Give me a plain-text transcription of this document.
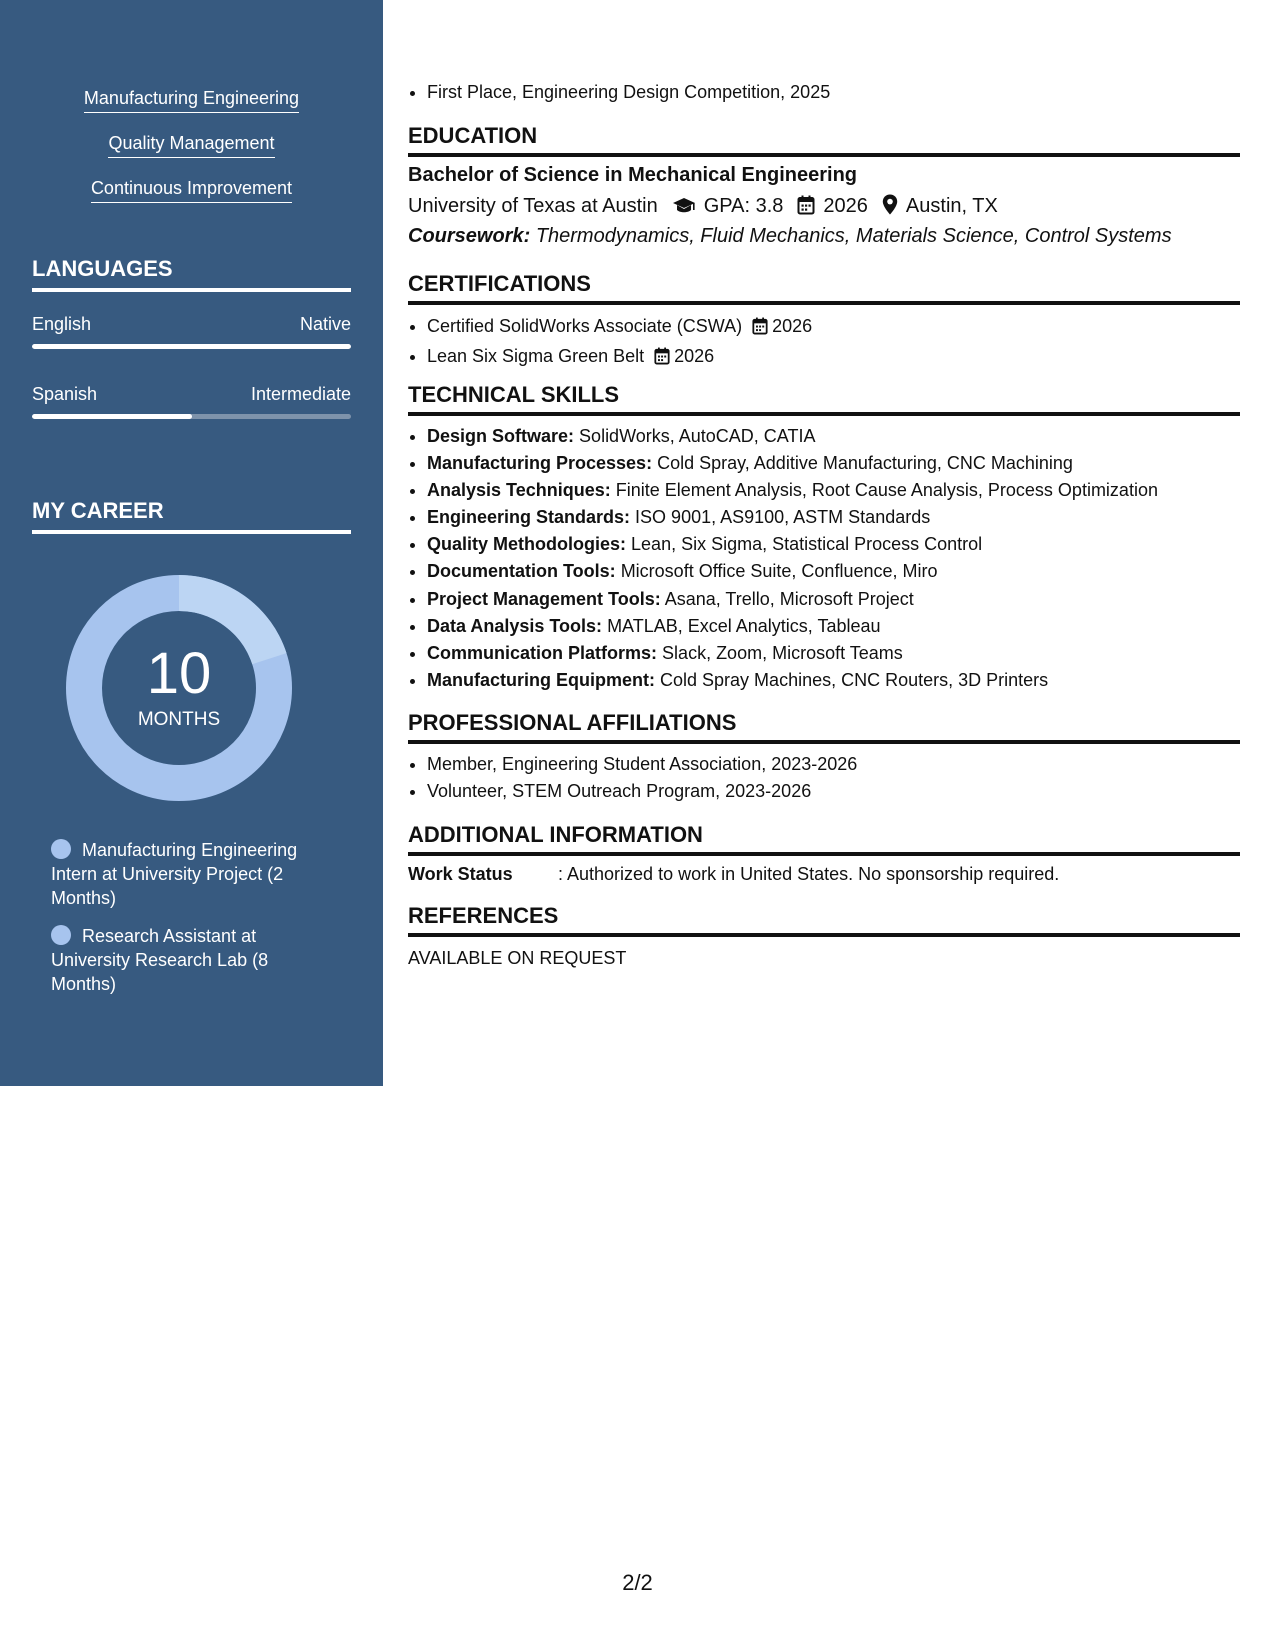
Manufacturing Engineering
Quality Management
Continuous Improvement
LANGUAGES
English	Native
Spanish	Intermediate
MY CAREER
10
MONTHS
Manufacturing Engineering Intern at University Project (2 Months)
Research Assistant at University Research Lab (8 Months)
• First Place, Engineering Design Competition, 2025
EDUCATION
Bachelor of Science in Mechanical Engineering
University of Texas at Austin GPA: 3.8 2026 Austin, TX
Coursework: Thermodynamics, Fluid Mechanics, Materials Science, Control Systems
CERTIFICATIONS
• Certified SolidWorks Associate (CSWA) 2026
• Lean Six Sigma Green Belt 2026
TECHNICAL SKILLS
• Design Software: SolidWorks, AutoCAD, CATIA
• Manufacturing Processes: Cold Spray, Additive Manufacturing, CNC Machining
• Analysis Techniques: Finite Element Analysis, Root Cause Analysis, Process Optimization
• Engineering Standards: ISO 9001, AS9100, ASTM Standards
• Quality Methodologies: Lean, Six Sigma, Statistical Process Control
• Documentation Tools: Microsoft Office Suite, Confluence, Miro
• Project Management Tools: Asana, Trello, Microsoft Project
• Data Analysis Tools: MATLAB, Excel Analytics, Tableau
• Communication Platforms: Slack, Zoom, Microsoft Teams
• Manufacturing Equipment: Cold Spray Machines, CNC Routers, 3D Printers
PROFESSIONAL AFFILIATIONS
• Member, Engineering Student Association, 2023-2026
• Volunteer, STEM Outreach Program, 2023-2026
ADDITIONAL INFORMATION
Work Status	: Authorized to work in United States. No sponsorship required.
REFERENCES
AVAILABLE ON REQUEST
2/2
